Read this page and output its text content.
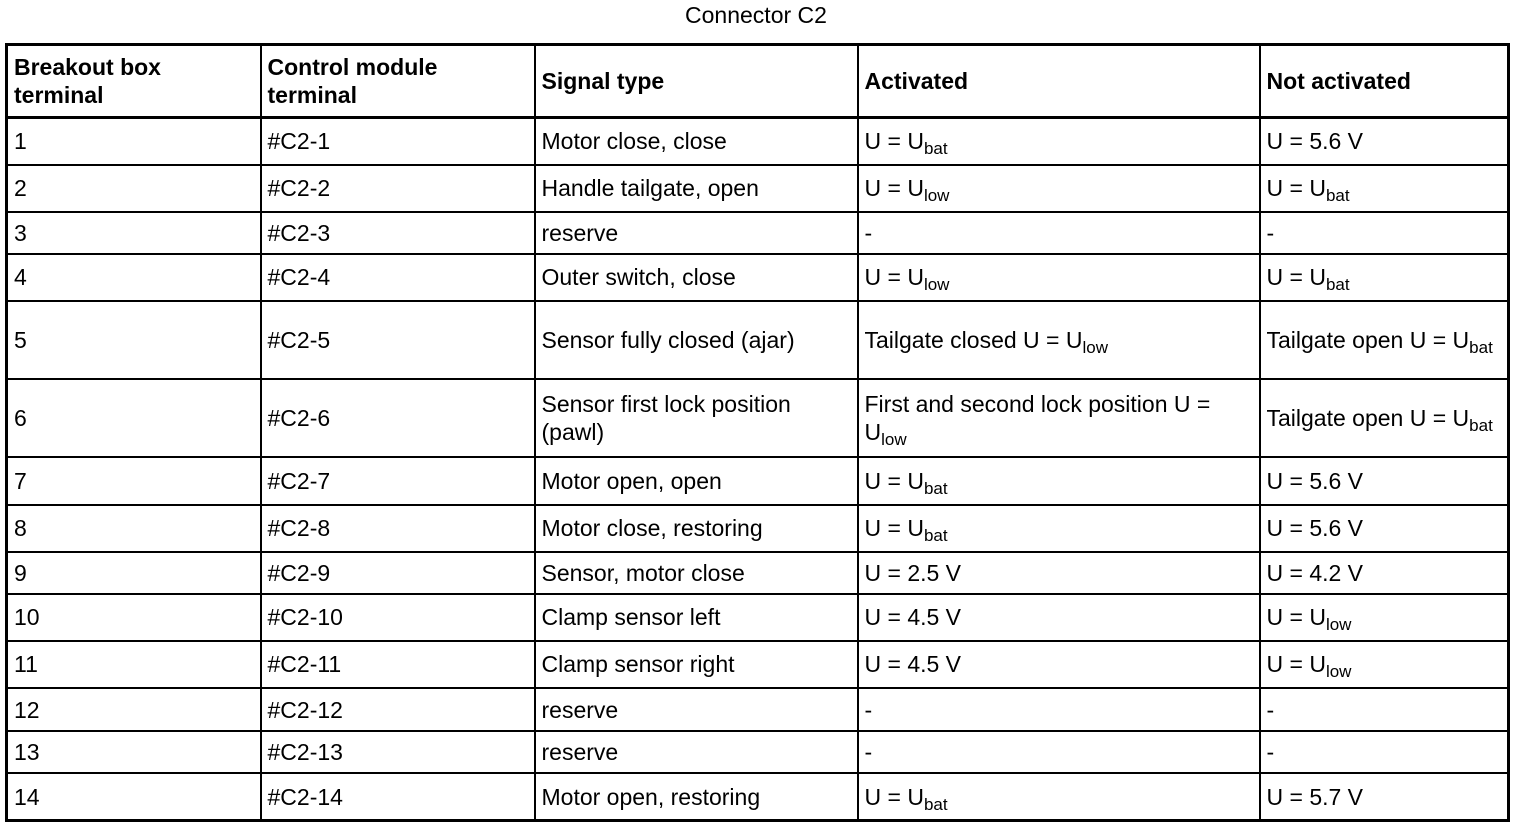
Connector C2
Breakout box terminal	Control module terminal	Signal type	Activated	Not activated
1	#C2-1	Motor close, close	$U = U_{bat}$	U = 5.6 V
2	#C2-2	Handle tailgate, open	$U = U_{low}$	$U = U_{bat}$
3	#C2-3	reserve	-	-
4	#C2-4	Outer switch, close	$U = U_{low}$	$U = U_{bat}$
5	#C2-5	Sensor fully closed (ajar)	Tailgate closed $U = U_{low}$	Tailgate open $U = U_{bat}$
6	#C2-6	Sensor first lock position (pawl)	First and second lock position $U = U_{low}$	Tailgate open $U = U_{bat}$
7	#C2-7	Motor open, open	$U = U_{bat}$	U = 5.6 V
8	#C2-8	Motor close, restoring	$U = U_{bat}$	U = 5.6 V
9	#C2-9	Sensor, motor close	U = 2.5 V	U = 4.2 V
10	#C2-10	Clamp sensor left	U = 4.5 V	$U = U_{low}$
11	#C2-11	Clamp sensor right	U = 4.5 V	$U = U_{low}$
12	#C2-12	reserve	-	-
13	#C2-13	reserve	-	-
14	#C2-14	Motor open, restoring	$U = U_{bat}$	U = 5.7 V
